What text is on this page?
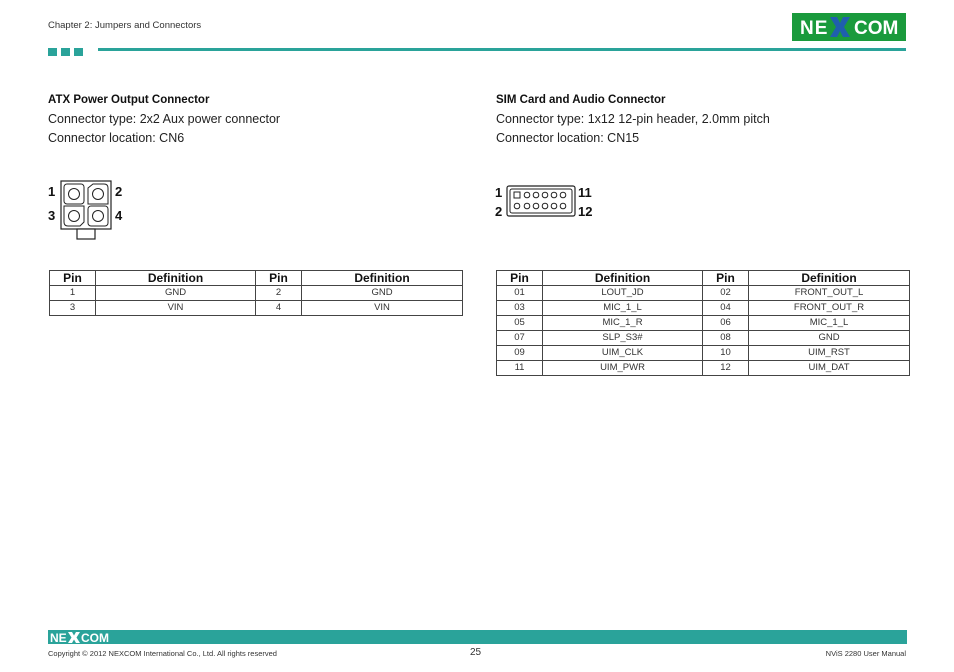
Chapter 2: Jumpers and Connectors	NE COM
ATX Power Output Connector
Connector type: 2x2 Aux power connector
Connector location: CN6
1	2
3	4
Pin	Definition	Pin	Definition
1	GND	2	GND
3	VIN	4	VIN
SIM Card and Audio Connector
Connector type: 1x12 12-pin header, 2.0mm pitch
Connector location: CN15
1
2
11
12
Pin	Definition	Pin	Definition
01	LOUT_JD	02	FRONT_OUT_L
03	MIC_1_L	04	FRONT_OUT_R
05	MIC_1_R	06	MIC_1_L
07	SLP_S3#	08	GND
09	UIM_CLK	10	UIM_RST
11	UIM_PWR	12	UIM_DAT
NE COM
Copyright © 2012 NEXCOM International Co., Ltd. All rights reserved	25	NViS 2280 User Manual
